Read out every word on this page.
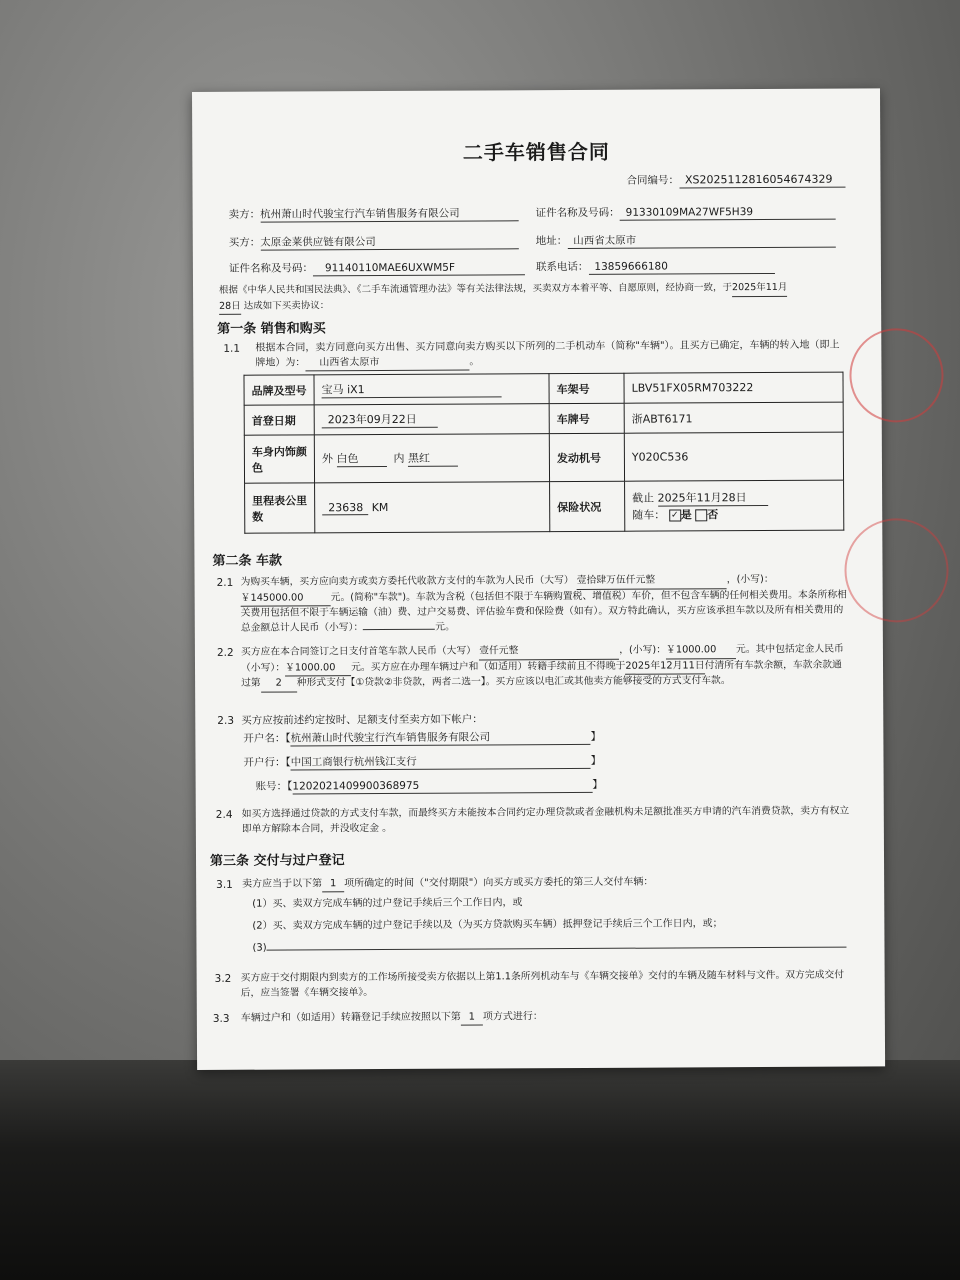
二手车销售合同
合同编号： XS20251128160546743​29
卖方：杭州萧山时代骏宝行汽车销售服务有限公司	证件名称及号码： 91330109MA27WF5H39
买方：太原金莱供应链有限公司	地址： 山西省太原市
证件名称及号码： 91140110MAE6UXWM5F	联系电话： 13859666180
根据《中华人民共和国民法典》、《二手车流通管理办法》等有关法律法规，买卖双方本着平等、自愿原则，经协商一致，于2025年11月
28日 达成如下买卖协议：
第一条 销售和购买
1.1 根据本合同，卖方同意向买方出售、买方同意向卖方购买以下所列的二手机动车（简称"车辆"）。且买方已确定，车辆的转入地（即上牌地）为： 山西省太原市	。
品牌及型号	宝马 iX1	车架号	LBV51FX05RM703222
首登日期	2023年09月22日	车牌号	浙ABT6171
车身内饰颜色	外 白色 内 黑红	发动机号	Y020C536
里程表公里数	23638 KM	保险状况	截止 2025年11月28日
随车： ✓ 是 否
第二条 车款
2.1 为购买车辆，买方应向卖方或卖方委托代收款方支付的车款为人民币（大写） 壹拾肆万伍仟元整	，(小写)： ￥145000.00	元。(简称"车款")。车款为含税（包括但不限于车辆购置税、增值税）车价，但不包含车辆的任何相关费用。本条所称相关费用包括但不限于车辆运输（油）费、过户交易费、评估验车费和保险费（如有）。双方特此确认，买方应该承担车款以及所有相关费用的总金额总计人民币（小写）：	元。
2.2 买方应在本合同签订之日支付首笔车款人民币（大写） 壹仟元整	，(小写)：￥1000.00 元。其中包括定金人民币（小写）：￥1000.00 元。买方应在办理车辆过户和（如适用）转籍手续前且不得晚于2025年12月11日付清所有车款余额，车款余款通过第 2 种形式支付【①贷款②非贷款，两者二选一】。买方应该以电汇或其他卖方能够接受的方式支付车款。
2.3 买方应按前述约定按时、足额支付至卖方如下帐户：
开户名：【杭州萧山时代骏宝行汽车销售服务有限公司	】
开户行：【中国工商银行杭州钱江支行	】
账号：【1202021409900368975	】
2.4 如买方选择通过贷款的方式支付车款，而最终买方未能按本合同约定办理贷款或者金融机构未足额批准买方申请的汽车消费贷款，卖方有权立即单方解除本合同，并没收定金 。
第三条 交付与过户登记
3.1 卖方应当于以下第 1 项所确定的时间（"交付期限"）向买方或买方委托的第三人交付车辆：
(1）买、卖双方完成车辆的过户登记手续后三个工作日内，或
(2）买、卖双方完成车辆的过户登记手续以及（为买方贷款购买车辆）抵押登记手续后三个工作日内，或；
(3)
3.2 买方应于交付期限内到卖方的工作场所接受卖方依据以上第1.1条所列机动车与《车辆交接单》交付的车辆及随车材料与文件。双方完成交付后，应当签署《车辆交接单》。
3.3 车辆过户和（如适用）转籍登记手续应按照以下第 1 项方式进行：
